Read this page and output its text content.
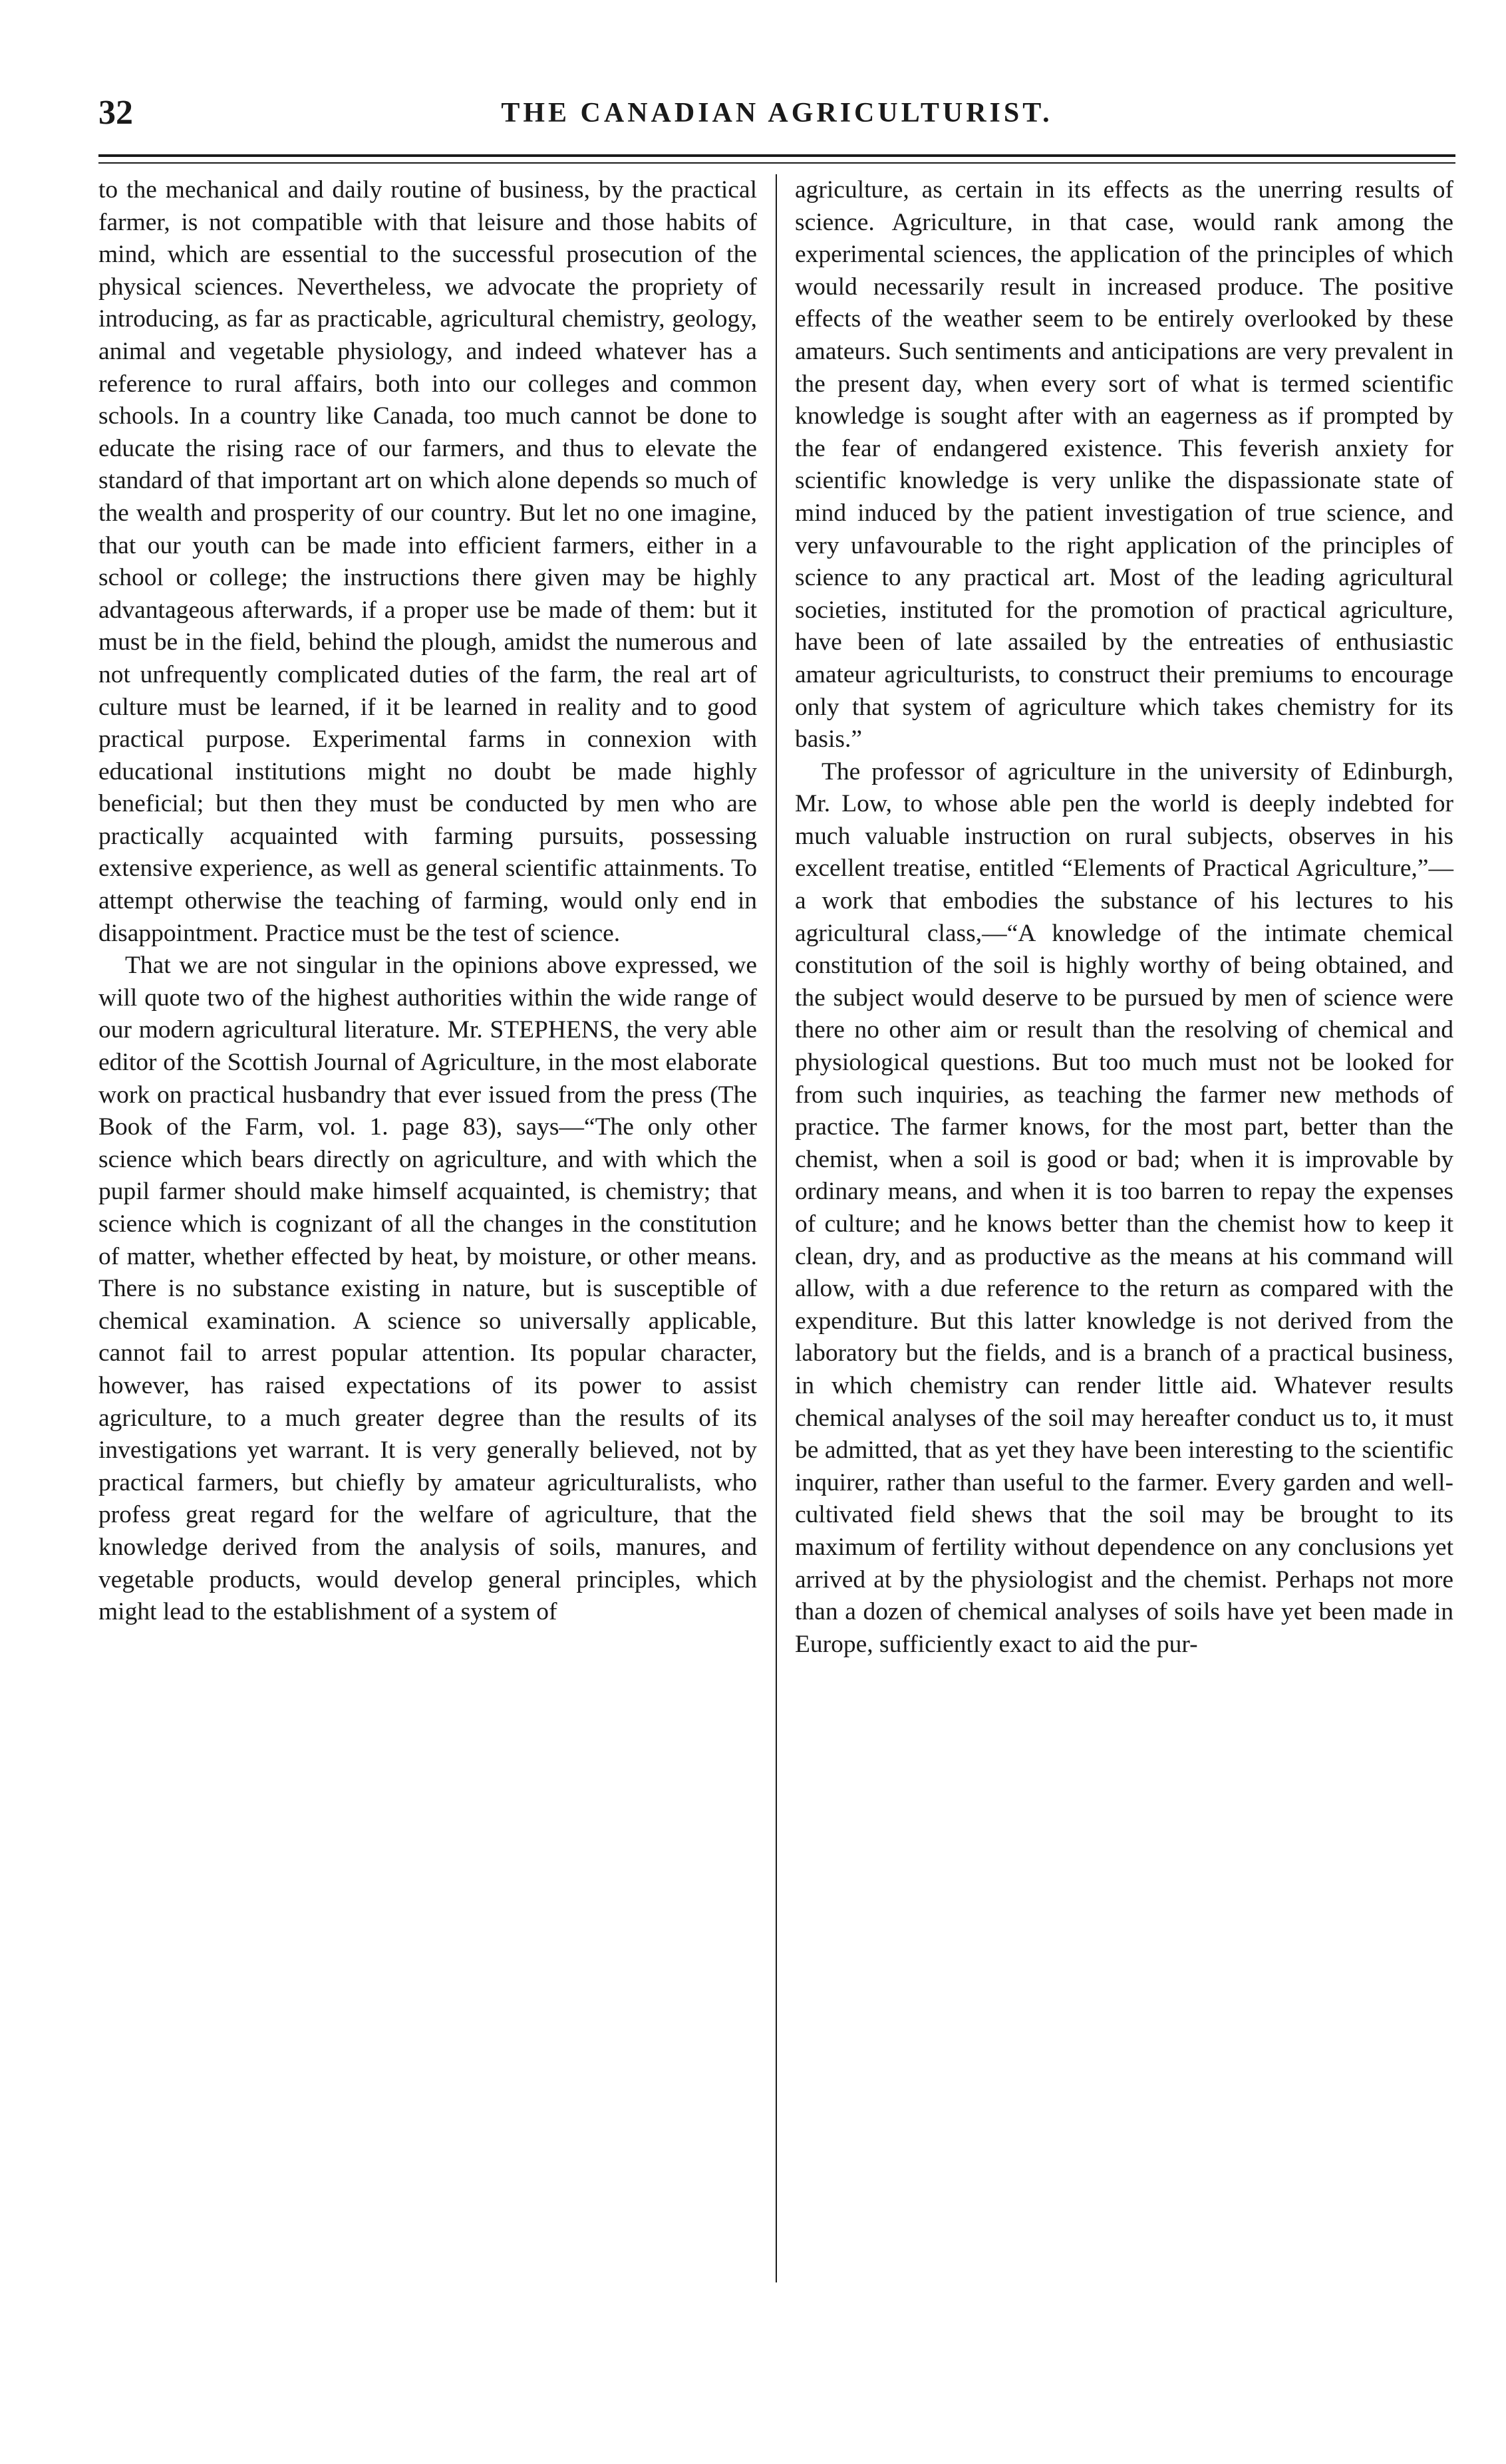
32	THE CANADIAN AGRICULTURIST.

to the mechanical and daily routine of business, by the practical farmer, is not compatible with that leisure and those habits of mind, which are essential to the successful prosecution of the physical sciences. Nevertheless, we advocate the propriety of introducing, as far as practicable, agricultural chemistry, geology, animal and vegetable physiology, and indeed whatever has a reference to rural affairs, both into our colleges and common schools. In a country like Canada, too much cannot be done to educate the rising race of our farmers, and thus to elevate the standard of that important art on which alone depends so much of the wealth and prosperity of our country. But let no one imagine, that our youth can be made into efficient farmers, either in a school or college; the instructions there given may be highly advantageous afterwards, if a proper use be made of them: but it must be in the field, behind the plough, amidst the numerous and not unfrequently complicated duties of the farm, the real art of culture must be learned, if it be learned in reality and to good practical purpose. Experimental farms in connexion with educational institutions might no doubt be made highly beneficial; but then they must be conducted by men who are practically acquainted with farming pursuits, possessing extensive experience, as well as general scientific attainments. To attempt otherwise the teaching of farming, would only end in disappointment. Practice must be the test of science.

That we are not singular in the opinions above expressed, we will quote two of the highest authorities within the wide range of our modern agricultural literature. Mr. STEPHENS, the very able editor of the Scottish Journal of Agriculture, in the most elaborate work on practical husbandry that ever issued from the press (The Book of the Farm, vol. 1. page 83), says—“The only other science which bears directly on agriculture, and with which the pupil farmer should make himself acquainted, is chemistry; that science which is cognizant of all the changes in the constitution of matter, whether effected by heat, by moisture, or other means. There is no substance existing in nature, but is susceptible of chemical examination. A science so universally applicable, cannot fail to arrest popular attention. Its popular character, however, has raised expectations of its power to assist agriculture, to a much greater degree than the results of its investigations yet warrant. It is very generally believed, not by practical farmers, but chiefly by amateur agriculturalists, who profess great regard for the welfare of agriculture, that the knowledge derived from the analysis of soils, manures, and vegetable products, would develop general principles, which might lead to the establishment of a system of

agriculture, as certain in its effects as the unerring results of science. Agriculture, in that case, would rank among the experimental sciences, the application of the principles of which would necessarily result in increased produce. The positive effects of the weather seem to be entirely overlooked by these amateurs. Such sentiments and anticipations are very prevalent in the present day, when every sort of what is termed scientific knowledge is sought after with an eagerness as if prompted by the fear of endangered existence. This feverish anxiety for scientific knowledge is very unlike the dispassionate state of mind induced by the patient investigation of true science, and very unfavourable to the right application of the principles of science to any practical art. Most of the leading agricultural societies, instituted for the promotion of practical agriculture, have been of late assailed by the entreaties of enthusiastic amateur agriculturists, to construct their premiums to encourage only that system of agriculture which takes chemistry for its basis.”

The professor of agriculture in the university of Edinburgh, Mr. Low, to whose able pen the world is deeply indebted for much valuable instruction on rural subjects, observes in his excellent treatise, entitled “Elements of Practical Agriculture,”—a work that embodies the substance of his lectures to his agricultural class,—“A knowledge of the intimate chemical constitution of the soil is highly worthy of being obtained, and the subject would deserve to be pursued by men of science were there no other aim or result than the resolving of chemical and physiological questions. But too much must not be looked for from such inquiries, as teaching the farmer new methods of practice. The farmer knows, for the most part, better than the chemist, when a soil is good or bad; when it is improvable by ordinary means, and when it is too barren to repay the expenses of culture; and he knows better than the chemist how to keep it clean, dry, and as productive as the means at his command will allow, with a due reference to the return as compared with the expenditure. But this latter knowledge is not derived from the laboratory but the fields, and is a branch of a practical business, in which chemistry can render little aid. Whatever results chemical analyses of the soil may hereafter conduct us to, it must be admitted, that as yet they have been interesting to the scientific inquirer, rather than useful to the farmer. Every garden and well-cultivated field shews that the soil may be brought to its maximum of fertility without dependence on any conclusions yet arrived at by the physiologist and the chemist. Perhaps not more than a dozen of chemical analyses of soils have yet been made in Europe, sufficiently exact to aid the pur-
